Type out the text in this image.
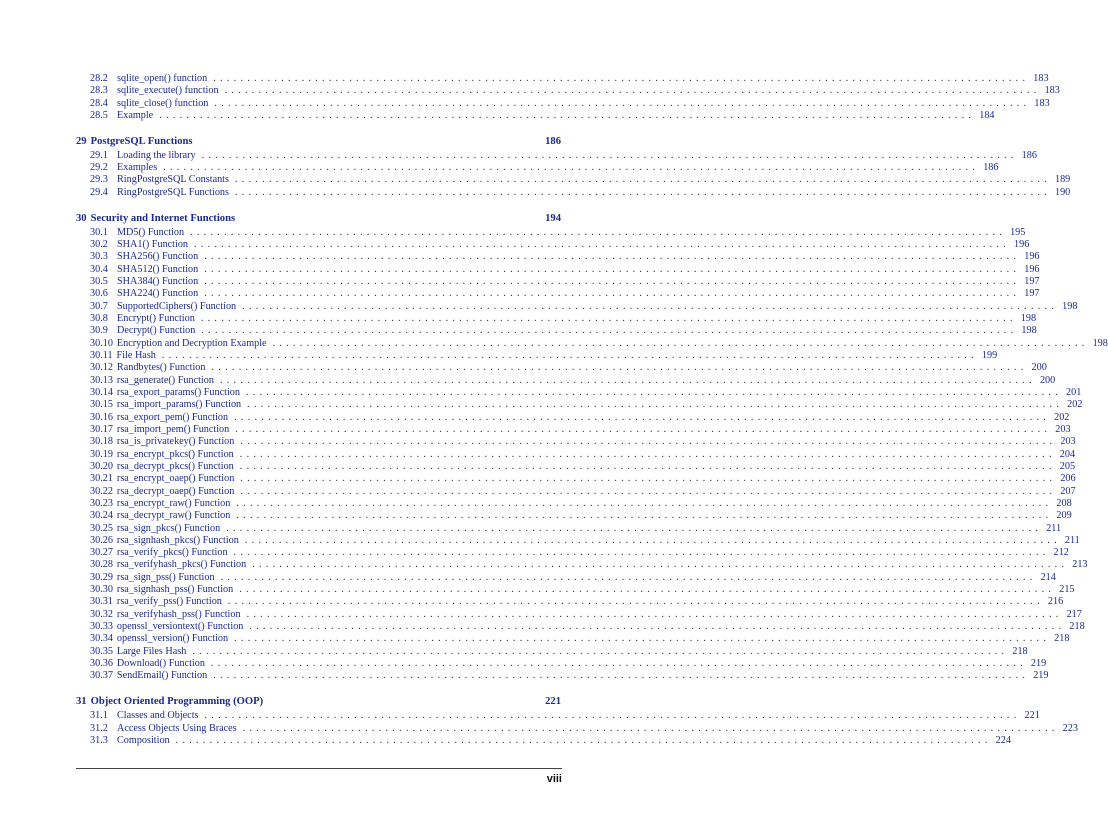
28.2 sqlite_open() function ........................................................................................................................ 183
28.3 sqlite_execute() function ........................................................................................................................ 183
28.4 sqlite_close() function ........................................................................................................................ 183
28.5 Example ........................................................................................................................ 184
29 PostgreSQL Functions	186
29.1 Loading the library ........................................................................................................................ 186
29.2 Examples ........................................................................................................................ 186
29.3 RingPostgreSQL Constants ........................................................................................................................ 189
29.4 RingPostgreSQL Functions ........................................................................................................................ 190
30 Security and Internet Functions	194
30.1 MD5() Function ........................................................................................................................ 195
30.2 SHA1() Function ........................................................................................................................ 196
30.3 SHA256() Function ........................................................................................................................ 196
30.4 SHA512() Function ........................................................................................................................ 196
30.5 SHA384() Function ........................................................................................................................ 197
30.6 SHA224() Function ........................................................................................................................ 197
30.7 SupportedCiphers() Function ........................................................................................................................ 198
30.8 Encrypt() Function ........................................................................................................................ 198
30.9 Decrypt() Function ........................................................................................................................ 198
30.10 Encryption and Decryption Example ........................................................................................................................ 198
30.11 File Hash ........................................................................................................................ 199
30.12 Randbytes() Function ........................................................................................................................ 200
30.13 rsa_generate() Function ........................................................................................................................ 200
30.14 rsa_export_params() Function ........................................................................................................................ 201
30.15 rsa_import_params() Function ........................................................................................................................ 202
30.16 rsa_export_pem() Function ........................................................................................................................ 202
30.17 rsa_import_pem() Function ........................................................................................................................ 203
30.18 rsa_is_privatekey() Function ........................................................................................................................ 203
30.19 rsa_encrypt_pkcs() Function ........................................................................................................................ 204
30.20 rsa_decrypt_pkcs() Function ........................................................................................................................ 205
30.21 rsa_encrypt_oaep() Function ........................................................................................................................ 206
30.22 rsa_decrypt_oaep() Function ........................................................................................................................ 207
30.23 rsa_encrypt_raw() Function ........................................................................................................................ 208
30.24 rsa_decrypt_raw() Function ........................................................................................................................ 209
30.25 rsa_sign_pkcs() Function ........................................................................................................................ 211
30.26 rsa_signhash_pkcs() Function ........................................................................................................................ 211
30.27 rsa_verify_pkcs() Function ........................................................................................................................ 212
30.28 rsa_verifyhash_pkcs() Function ........................................................................................................................ 213
30.29 rsa_sign_pss() Function ........................................................................................................................ 214
30.30 rsa_signhash_pss() Function ........................................................................................................................ 215
30.31 rsa_verify_pss() Function ........................................................................................................................ 216
30.32 rsa_verifyhash_pss() Function ........................................................................................................................ 217
30.33 openssl_versiontext() Function ........................................................................................................................ 218
30.34 openssl_version() Function ........................................................................................................................ 218
30.35 Large Files Hash ........................................................................................................................ 218
30.36 Download() Function ........................................................................................................................ 219
30.37 SendEmail() Function ........................................................................................................................ 219
31 Object Oriented Programming (OOP)	221
31.1 Classes and Objects ........................................................................................................................ 221
31.2 Access Objects Using Braces ........................................................................................................................ 223
31.3 Composition ........................................................................................................................ 224
viii
